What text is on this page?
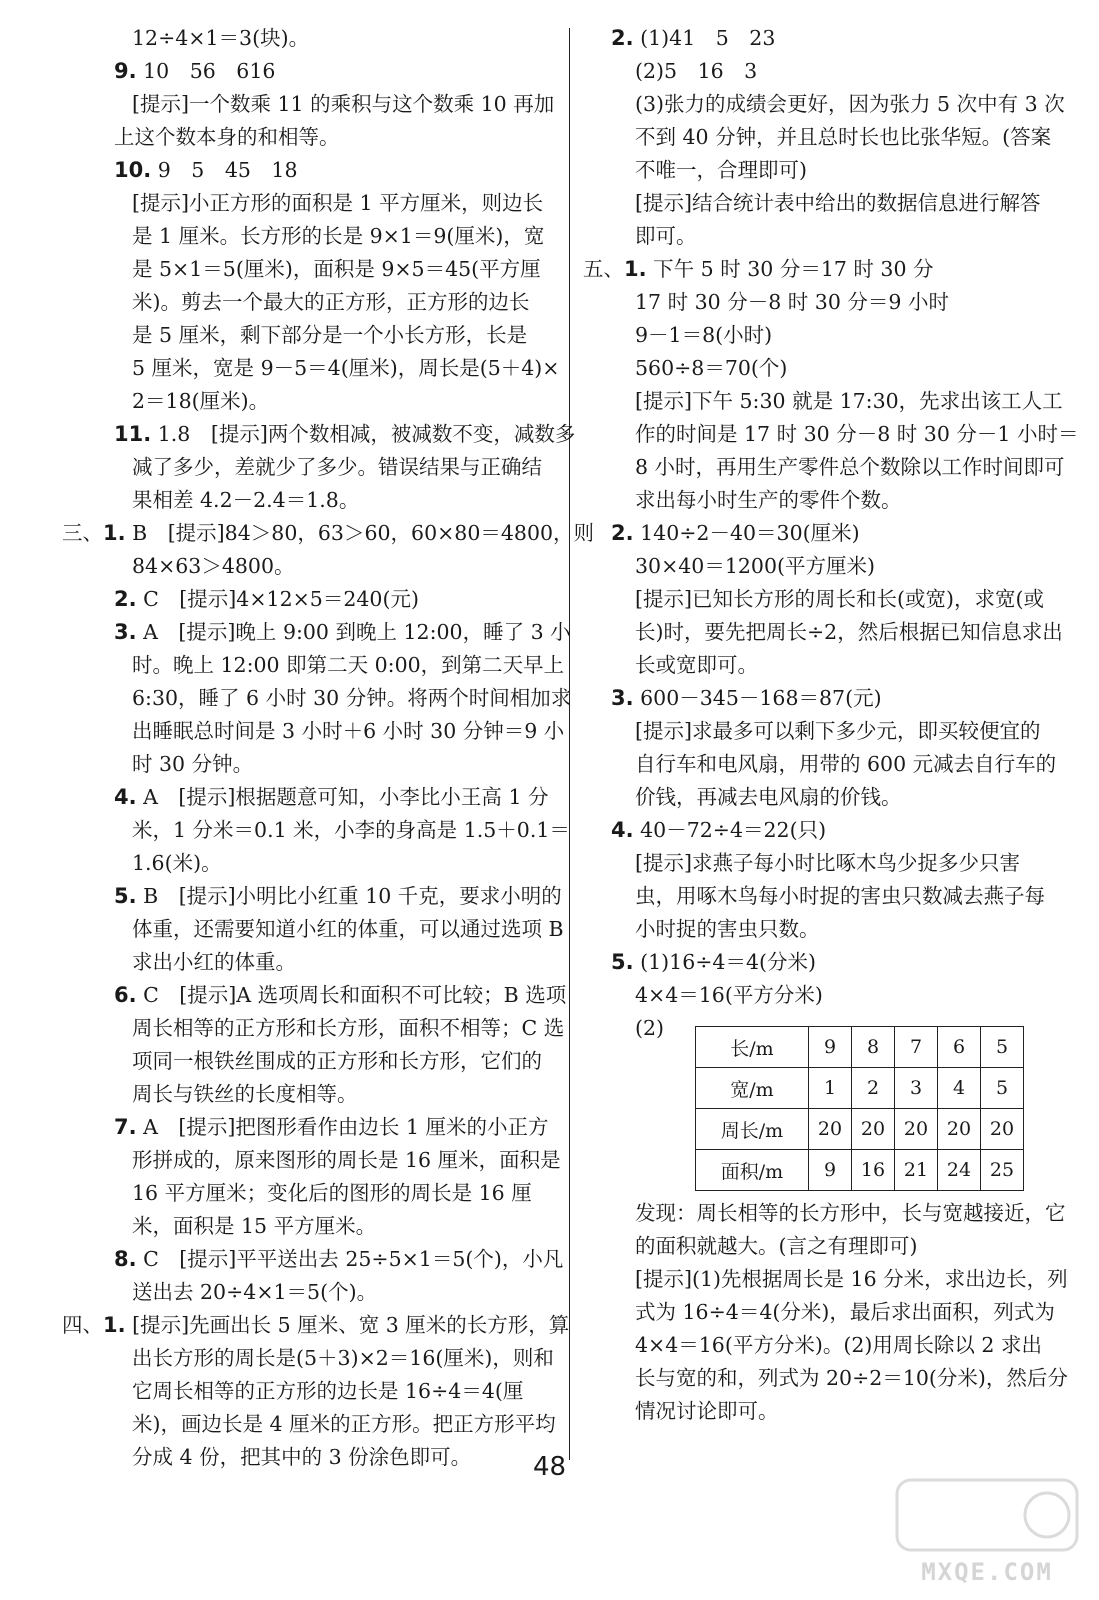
12÷4×1＝3(块)。
9. 10　56　616
[提示]一个数乘 11 的乘积与这个数乘 10 再加
上这个数本身的和相等。
10. 9　5　45　18
[提示]小正方形的面积是 1 平方厘米，则边长
是 1 厘米。长方形的长是 9×1＝9(厘米)，宽
是 5×1＝5(厘米)，面积是 9×5＝45(平方厘
米)。剪去一个最大的正方形，正方形的边长
是 5 厘米，剩下部分是一个小长方形，长是
5 厘米，宽是 9－5＝4(厘米)，周长是(5＋4)×
2＝18(厘米)。
11. 1.8　[提示]两个数相减，被减数不变，减数多
减了多少，差就少了多少。错误结果与正确结
果相差 4.2－2.4＝1.8。
三、1. B　[提示]84＞80，63＞60，60×80＝4800，则
84×63＞4800。
2. C　[提示]4×12×5＝240(元)
3. A　[提示]晚上 9:00 到晚上 12:00，睡了 3 小
时。晚上 12:00 即第二天 0:00，到第二天早上
6:30，睡了 6 小时 30 分钟。将两个时间相加求
出睡眠总时间是 3 小时＋6 小时 30 分钟＝9 小
时 30 分钟。
4. A　[提示]根据题意可知，小李比小王高 1 分
米，1 分米＝0.1 米，小李的身高是 1.5＋0.1＝
1.6(米)。
5. B　[提示]小明比小红重 10 千克，要求小明的
体重，还需要知道小红的体重，可以通过选项 B
求出小红的体重。
6. C　[提示]A 选项周长和面积不可比较；B 选项
周长相等的正方形和长方形，面积不相等；C 选
项同一根铁丝围成的正方形和长方形，它们的
周长与铁丝的长度相等。
7. A　[提示]把图形看作由边长 1 厘米的小正方
形拼成的，原来图形的周长是 16 厘米，面积是
16 平方厘米；变化后的图形的周长是 16 厘
米，面积是 15 平方厘米。
8. C　[提示]平平送出去 25÷5×1＝5(个)，小凡
送出去 20÷4×1＝5(个)。
四、1. [提示]先画出长 5 厘米、宽 3 厘米的长方形，算
出长方形的周长是(5＋3)×2＝16(厘米)，则和
它周长相等的正方形的边长是 16÷4＝4(厘
米)，画边长是 4 厘米的正方形。把正方形平均
分成 4 份，把其中的 3 份涂色即可。
2. (1)41　5　23
(2)5　16　3
(3)张力的成绩会更好，因为张力 5 次中有 3 次
不到 40 分钟，并且总时长也比张华短。(答案
不唯一，合理即可)
[提示]结合统计表中给出的数据信息进行解答
即可。
五、1. 下午 5 时 30 分＝17 时 30 分
17 时 30 分－8 时 30 分＝9 小时
9－1＝8(小时)
560÷8＝70(个)
[提示]下午 5:30 就是 17:30，先求出该工人工
作的时间是 17 时 30 分－8 时 30 分－1 小时＝
8 小时，再用生产零件总个数除以工作时间即可
求出每小时生产的零件个数。
2. 140÷2－40＝30(厘米)
30×40＝1200(平方厘米)
[提示]已知长方形的周长和长(或宽)，求宽(或
长)时，要先把周长÷2，然后根据已知信息求出
长或宽即可。
3. 600－345－168＝87(元)
[提示]求最多可以剩下多少元，即买较便宜的
自行车和电风扇，用带的 600 元减去自行车的
价钱，再减去电风扇的价钱。
4. 40－72÷4＝22(只)
[提示]求燕子每小时比啄木鸟少捉多少只害
虫，用啄木鸟每小时捉的害虫只数减去燕子每
小时捉的害虫只数。
5. (1)16÷4＝4(分米)
4×4＝16(平方分米)
(2)
长/m	9	8	7	6	5
宽/m	1	2	3	4	5
周长/m	20	20	20	20	20
面积/m	9	16	21	24	25
发现：周长相等的长方形中，长与宽越接近，它
的面积就越大。(言之有理即可)
[提示](1)先根据周长是 16 分米，求出边长，列
式为 16÷4＝4(分米)，最后求出面积，列式为
4×4＝16(平方分米)。(2)用周长除以 2 求出
长与宽的和，列式为 20÷2＝10(分米)，然后分
情况讨论即可。
48
MXQE.COM
